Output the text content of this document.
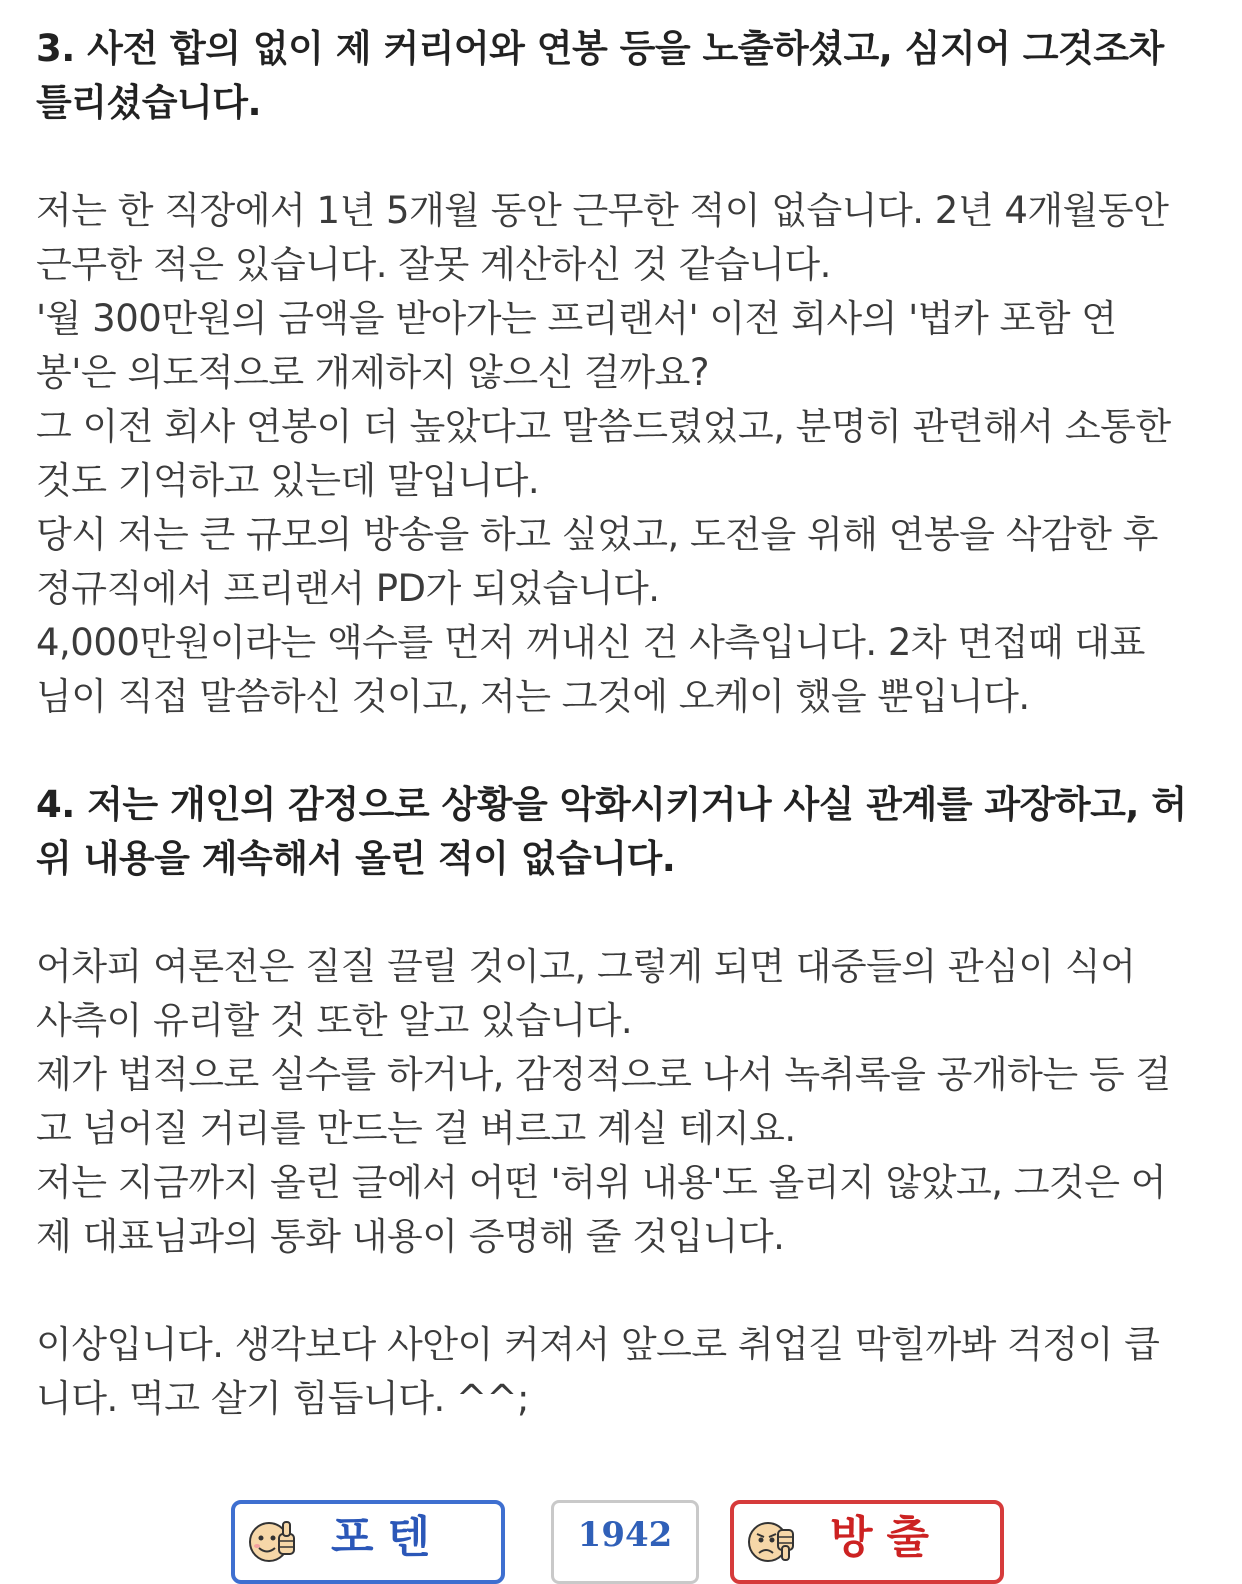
3. 사전 합의 없이 제 커리어와 연봉 등을 노출하셨고, 심지어 그것조차

틀리셨습니다.

저는 한 직장에서 1년 5개월 동안 근무한 적이 없습니다. 2년 4개월동안

근무한 적은 있습니다. 잘못 계산하신 것 같습니다.

'월 300만원의 금액을 받아가는 프리랜서' 이전 회사의 '법카 포함 연

봉'은 의도적으로 개제하지 않으신 걸까요?

그 이전 회사 연봉이 더 높았다고 말씀드렸었고, 분명히 관련해서 소통한

것도 기억하고 있는데 말입니다.

당시 저는 큰 규모의 방송을 하고 싶었고, 도전을 위해 연봉을 삭감한 후

정규직에서 프리랜서 PD가 되었습니다.

4,000만원이라는 액수를 먼저 꺼내신 건 사측입니다. 2차 면접때 대표

님이 직접 말씀하신 것이고, 저는 그것에 오케이 했을 뿐입니다.

4. 저는 개인의 감정으로 상황을 악화시키거나 사실 관계를 과장하고, 허

위 내용을 계속해서 올린 적이 없습니다.

어차피 여론전은 질질 끌릴 것이고, 그렇게 되면 대중들의 관심이 식어

사측이 유리할 것 또한 알고 있습니다.

제가 법적으로 실수를 하거나, 감정적으로 나서 녹취록을 공개하는 등 걸

고 넘어질 거리를 만드는 걸 벼르고 계실 테지요.

저는 지금까지 올린 글에서 어떤 '허위 내용'도 올리지 않았고, 그것은 어

제 대표님과의 통화 내용이 증명해 줄 것입니다.

이상입니다. 생각보다 사안이 커져서 앞으로 취업길 막힐까봐 걱정이 큽

니다. 먹고 살기 힘듭니다. ^^;

포텐	1942	방출
